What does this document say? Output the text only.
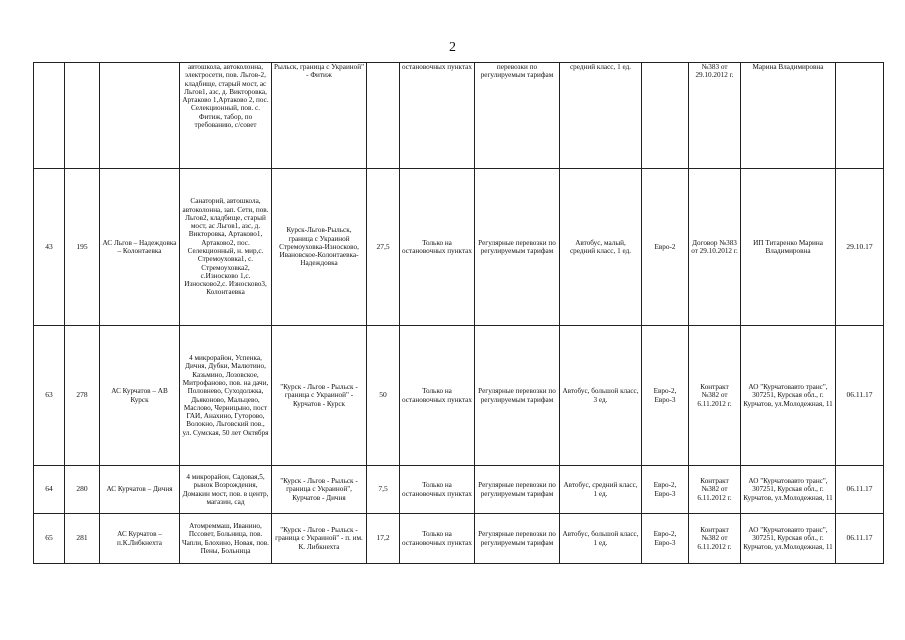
2
			автошкола, автоколонна, электросети, пов. Льгов-2, кладбище, старый мост, ас Льгов1, азс, д. Викторовка, Артаково 1,Артаково 2, пос. Селекционный, пов. с. Фитиж, табор, по требованию, с/совет	Рыльск, граница с Украиной" - Фитиж		остановочных пунктах	перевозки по регулируемым тарифам	средний класс, 1 ед.		№383 от 29.10.2012 г.	Марина Владимировна	
43	195	АС Льгов – Надеждовка – Колонтаевка	Санаторий, автошкола, автоколонна, зап. Сети, пов. Льгов2, кладбище, старый мост, ас Льгов1, азс, д. Викторовка, Артаково1, Артаково2, пос. Селекционный, н. мир,с. Стремоуховка1, с. Стремоуховка2, с.Износково 1,с. Износково2,с. Износково3, Колонтаевка	Курск-Льгов-Рыльск, граница с Украиной Стремоуховка-Износково, Ивановское-Колонтаевка-Надеждовка	27,5	Только на остановочных пунктах	Регулярные перевозки по регулируемым тарифам	Автобус, малый, средний класс, 1 ед.	Евро-2	Договор №383 от 29.10.2012 г.	ИП Титаренко Марина Владимировна	29.10.17
63	278	АС Курчатов – АВ Курск	4 микрорайон, Успенка, Дичня, Дубки, Малютино, Казьмино, Лозовское, Митрофаново, пов. на дачи, Половнево, Суходолжка, Дьяконово, Мальцево, Маслово, Черницыно, пост ГАИ, Анахино, Гуторово, Волокно, Льговский пов., ул. Сумская, 50 лет Октября	"Курск - Льгов - Рыльск - граница с Украиной" - Курчатов - Курск	50	Только на остановочных пунктах	Регулярные перевозки по регулируемым тарифам	Автобус, большой класс, 3 ед.	Евро-2, Евро-3	Контракт №382 от 6.11.2012 г.	АО "Курчатовавто транс", 307251, Курская обл., г. Курчатов, ул.Молодежная, 11	06.11.17
64	280	АС Курчатов – Дичня	4 микрорайон, Садовая,5, рынок Возрождения, Домакин мост, пов. в центр, магазин, сад	"Курск - Льгов - Рыльск - граница с Украиной", Курчатов - Дичня	7,5	Только на остановочных пунктах	Регулярные перевозки по регулируемым тарифам	Автобус, средний класс, 1 ед.	Евро-2, Евро-3	Контракт №382 от 6.11.2012 г.	АО "Курчатовавто транс", 307251, Курская обл., г. Курчатов, ул.Молодежная, 11	06.11.17
65	281	АС Курчатов – п.К.Либкнехта	Атомреммаш, Иванино, Пссовет, Больница, пов. Чапли, Блохино, Новая, пов. Пены, Больница	"Курск - Льгов - Рыльск - граница с Украиной" - п. им. К. Либкнехта	17,2	Только на остановочных пунктах	Регулярные перевозки по регулируемым тарифам	Автобус, большой класс, 1 ед.	Евро-2, Евро-3	Контракт №382 от 6.11.2012 г.	АО "Курчатовавто транс", 307251, Курская обл., г. Курчатов, ул.Молодежная, 11	06.11.17
